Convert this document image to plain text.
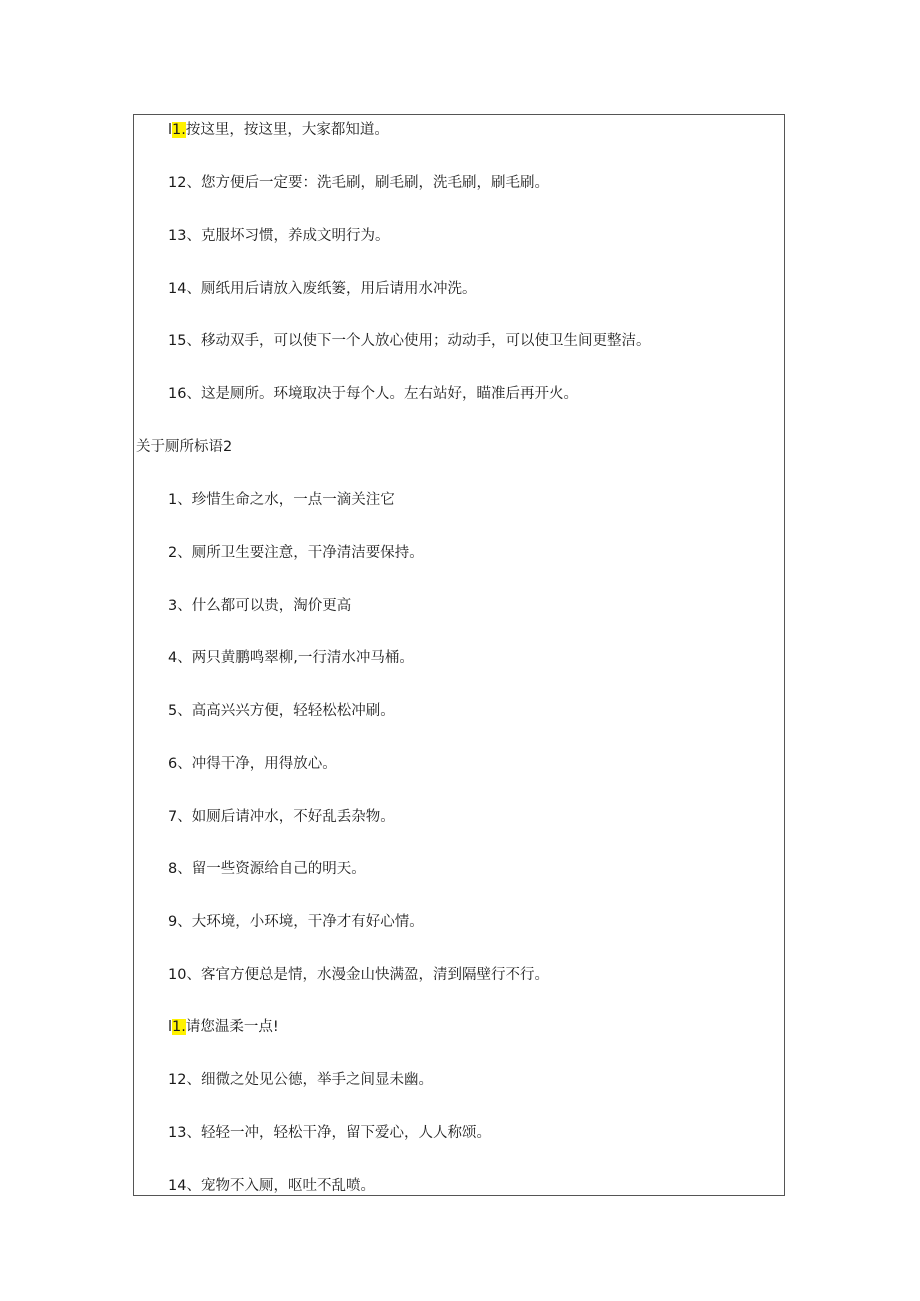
l1.按这里，按这里，大家都知道。
12、您方便后一定要：洗毛刷，刷毛刷，洗毛刷，刷毛刷。
13、克服坏习惯，养成文明行为。
14、厕纸用后请放入废纸篓，用后请用水冲洗。
15、移动双手，可以使下一个人放心使用；动动手，可以使卫生间更整洁。
16、这是厕所。环境取决于每个人。左右站好，瞄准后再开火。
关于厕所标语2
1、珍惜生命之水，一点一滴关注它
2、厕所卫生要注意，干净清洁要保持。
3、什么都可以贵，淘价更高
4、两只黄鹏鸣翠柳,一行清水冲马桶。
5、高高兴兴方便，轻轻松松冲刷。
6、冲得干净，用得放心。
7、如厕后请冲水，不好乱丢杂物。
8、留一些资源给自己的明天。
9、大环境，小环境，干净才有好心情。
10、客官方便总是情，水漫金山快满盈，清到隔壁行不行。
l1.请您温柔一点!
12、细微之处见公德，举手之间显未幽。
13、轻轻一冲，轻松干净，留下爱心，人人称颂。
14、宠物不入厕，呕吐不乱喷。
